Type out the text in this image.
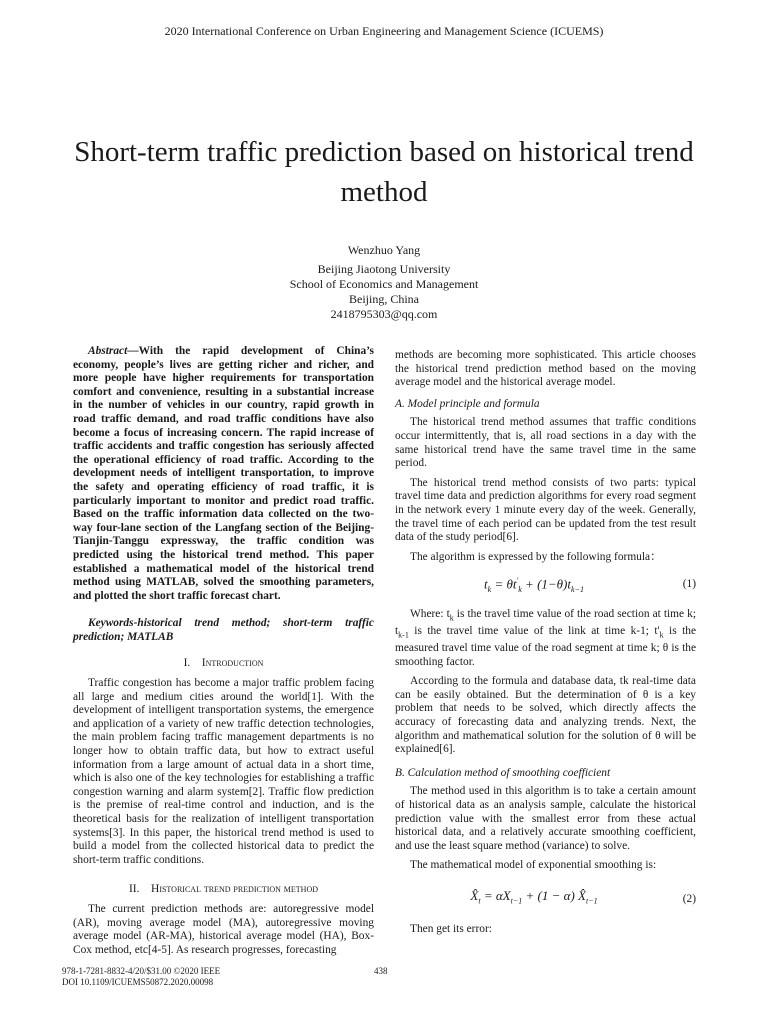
2020 International Conference on Urban Engineering and Management Science (ICUEMS)
Short-term traffic prediction based on historical trend
method
Wenzhuo Yang
Beijing Jiaotong University
School of Economics and Management
Beijing, China
2418795303@qq.com

Abstract—With the rapid development of China’s economy, people’s lives are getting richer and richer, and more people have higher requirements for transportation comfort and convenience, resulting in a substantial increase in the number of vehicles in our country, rapid growth in road traffic demand, and road traffic conditions have also become a focus of increasing concern. The rapid increase of traffic accidents and traffic congestion has seriously affected the operational efficiency of road traffic. According to the development needs of intelligent transportation, to improve the safety and operating efficiency of road traffic, it is particularly important to monitor and predict road traffic. Based on the traffic information data collected on the two-way four-lane section of the Langfang section of the Beijing-Tianjin-Tanggu expressway, the traffic condition was predicted using the historical trend method. This paper established a mathematical model of the historical trend method using MATLAB, solved the smoothing parameters, and plotted the short traffic forecast chart.

Keywords-historical trend method; short-term traffic prediction; MATLAB

I. Introduction

Traffic congestion has become a major traffic problem facing all large and medium cities around the world[1]. With the development of intelligent transportation systems, the emergence and application of a variety of new traffic detection technologies, the main problem facing traffic management departments is no longer how to obtain traffic data, but how to extract useful information from a large amount of actual data in a short time, which is also one of the key technologies for establishing a traffic congestion warning and alarm system[2]. Traffic flow prediction is the premise of real-time control and induction, and is the theoretical basis for the realization of intelligent transportation systems[3]. In this paper, the historical trend method is used to build a model from the collected historical data to predict the short-term traffic conditions.

II. Historical trend prediction method

The current prediction methods are: autoregressive model (AR), moving average model (MA), autoregressive moving average model (AR-MA), historical average model (HA), Box-Cox method, etc[4-5]. As research progresses, forecasting

methods are becoming more sophisticated. This article chooses the historical trend prediction method based on the moving average model and the historical average model.

A. Model principle and formula

The historical trend method assumes that traffic conditions occur intermittently, that is, all road sections in a day with the same historical trend have the same travel time in the same period.

The historical trend method consists of two parts: typical travel time data and prediction algorithms for every road segment in the network every 1 minute every day of the week. Generally, the travel time of each period can be updated from the test result data of the study period[6].

The algorithm is expressed by the following formula：

$t_k = \theta t'_k + (1-\theta)t_{k-1}$	(1)

Where: $t_k$ is the travel time value of the road section at time k; $t_{k-1}$ is the travel time value of the link at time k-1; $t'_k$ is the measured travel time value of the road segment at time k; θ is the smoothing factor.

According to the formula and database data, tk real-time data can be easily obtained. But the determination of θ is a key problem that needs to be solved, which directly affects the accuracy of forecasting data and analyzing trends. Next, the algorithm and mathematical solution for the solution of θ will be explained[6].

B. Calculation method of smoothing coefficient

The method used in this algorithm is to take a certain amount of historical data as an analysis sample, calculate the historical prediction value with the smallest error from these actual historical data, and a relatively accurate smoothing coefficient, and use the least square method (variance) to solve.

The mathematical model of exponential smoothing is:

$X̂_t = \alpha X_{t-1} + (1 - \alpha)$ $X̂_{t-1}$	(2)

Then get its error:

978-1-7281-8832-4/20/$31.00 ©2020 IEEE
DOI 10.1109/ICUEMS50872.2020.00098
438
